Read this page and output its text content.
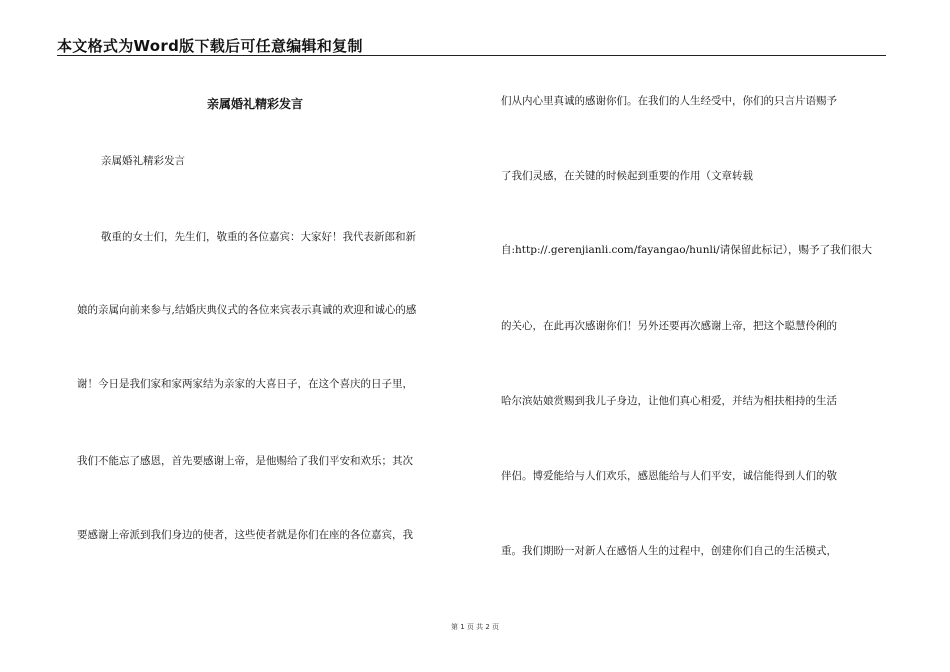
本文格式为Word版下载后可任意编辑和复制
亲属婚礼精彩发言
亲属婚礼精彩发言
敬重的女士们，先生们，敬重的各位嘉宾：大家好！我代表新郎和新
娘的亲属向前来参与,结婚庆典仪式的各位来宾表示真诚的欢迎和诚心的感
谢！今日是我们家和家两家结为亲家的大喜日子，在这个喜庆的日子里，
我们不能忘了感恩，首先要感谢上帝，是他赐给了我们平安和欢乐；其次
要感谢上帝派到我们身边的使者，这些使者就是你们在座的各位嘉宾，我
们从内心里真诚的感谢你们。在我们的人生经受中，你们的只言片语赐予
了我们灵感，在关键的时候起到重要的作用（文章转载
自:http://.gerenjianli.com/fayangao/hunli/请保留此标记），赐予了我们很大
的关心，在此再次感谢你们！另外还要再次感谢上帝，把这个聪慧伶俐的
哈尔滨姑娘赏赐到我儿子身边，让他们真心相爱，并结为相扶相持的生活
伴侣。博爱能给与人们欢乐，感恩能给与人们平安，诚信能得到人们的敬
重。我们期盼一对新人在感悟人生的过程中，创建你们自己的生活模式，
第 1 页 共 2 页
